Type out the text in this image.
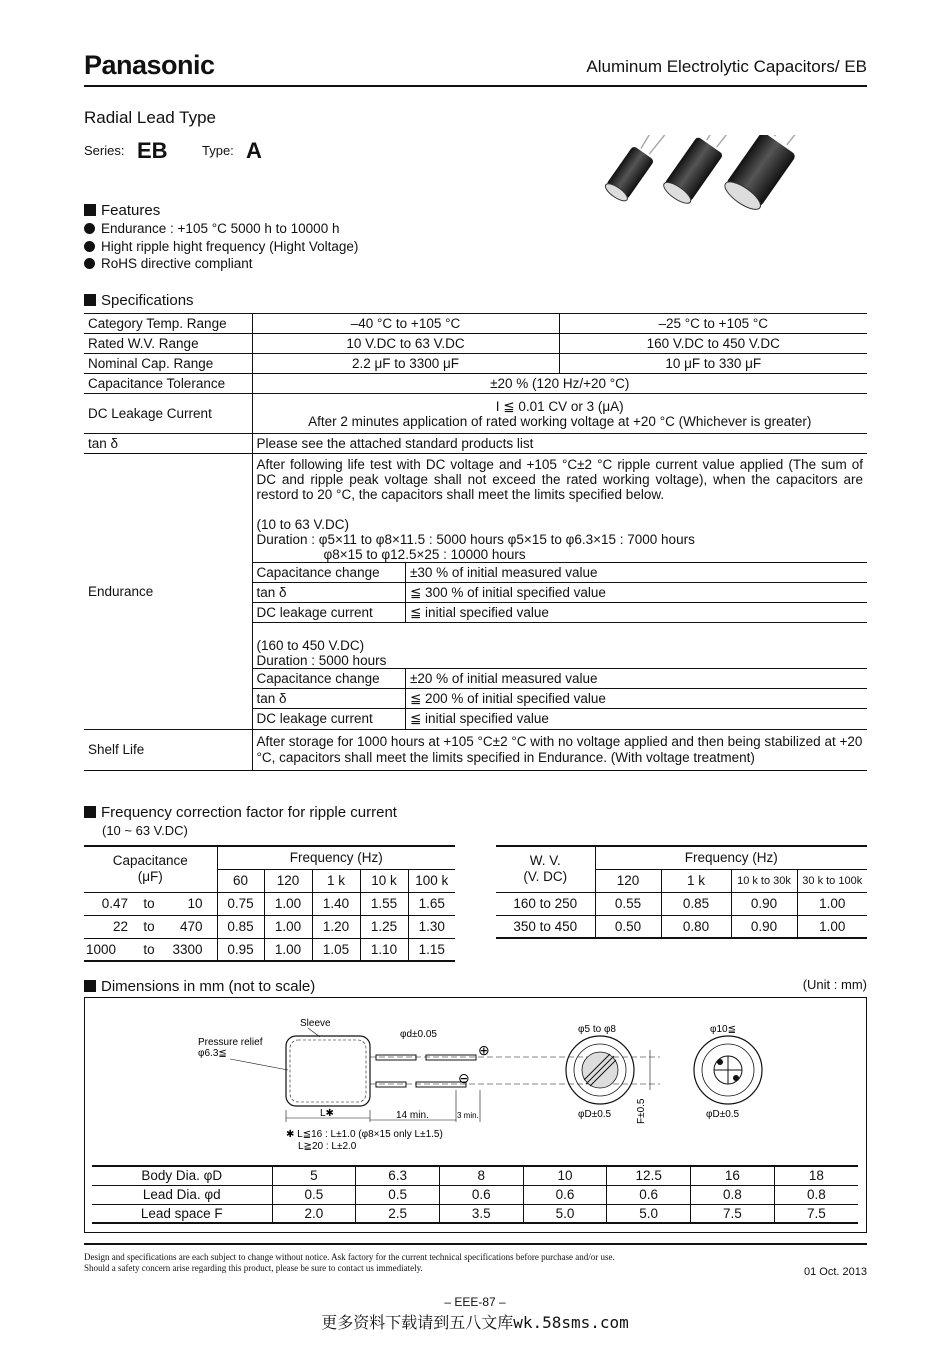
Panasonic	Aluminum Electrolytic Capacitors/ EB
Radial Lead Type
Series: EB	Type: A
Features
Endurance : +105 °C 5000 h to 10000 h
Hight ripple hight frequency (Hight Voltage)
RoHS directive compliant
Specifications
Category Temp. Range	–40 °C to +105 °C	–25 °C to +105 °C
Rated W.V. Range	10 V.DC to 63 V.DC	160 V.DC to 450 V.DC
Nominal Cap. Range	2.2 μF to 3300 μF	10 μF to 330 μF
Capacitance Tolerance	±20 % (120 Hz/+20 °C)
DC Leakage Current	I ≦ 0.01 CV or 3 (μA)
After 2 minutes application of rated working voltage at +20 °C (Whichever is greater)

tan δ	Please see the attached standard products list
Endurance	
After following life test with DC voltage and +105 °C±2 °C ripple current value applied (The sum of DC and ripple peak voltage shall not exceed the rated working voltage), when the capacitors are restord to 20 °C, the capacitors shall meet the limits specified below.
(10 to 63 V.DC)
Duration : φ5×11 to φ8×11.5 : 5000 hours φ5×15 to φ6.3×15 : 7000 hours
φ8×15 to φ12.5×25 : 10000 hours
Capacitance change	±30 % of initial measured value
tan δ	≦ 300 % of initial specified value
DC leakage current	≦ initial specified value
(160 to 450 V.DC)
Duration : 5000 hours
Capacitance change	±20 % of initial measured value
tan δ	≦ 200 % of initial specified value
DC leakage current	≦ initial specified value

Shelf Life	After storage for 1000 hours at +105 °C±2 °C with no voltage applied and then being stabilized at +20 °C, capacitors shall meet the limits specified in Endurance. (With voltage treatment)
Frequency correction factor for ripple current
(10 ~ 63 V.DC)
Capacitance
(μF)			Frequency (Hz)				
			60	120	1 k	10 k	100 k
0.47	to	10	0.75	1.00	1.40	1.55	1.65
22	to	470	0.85	1.00	1.20	1.25	1.30
1000	to	3300	0.95	1.00	1.05	1.10	1.15
W. V.
(V. DC)	Frequency (Hz)			
	120	1 k	10 k to 30k	30 k to 100k
160 to 250	0.55	0.85	0.90	1.00
350 to 450	0.50	0.80	0.90	1.00
Dimensions in mm (not to scale)	(Unit : mm)
Sleeve
Pressure relief
φ6.3≦
φd±0.05
⊕
⊖
L✱	14 min.	3 min.
✱ L≦16 : L±1.0 (φ8×15 only L±1.5)
L≧20 : L±2.0
φ5 to φ8
φD±0.5 F±0.5
φ10≦
φD±0.5
Body Dia. φD	5	6.3	8	10	12.5	16	18
Lead Dia. φd	0.5	0.5	0.6	0.6	0.6	0.8	0.8
Lead space F	2.0	2.5	3.5	5.0	5.0	7.5	7.5
Design and specifications are each subject to change without notice. Ask factory for the current technical specifications before purchase and/or use.
Should a safety concern arise regarding this product, please be sure to contact us immediately.	01 Oct. 2013
– EEE-87 –
更多资料下载请到五八文库wk.58sms.com
